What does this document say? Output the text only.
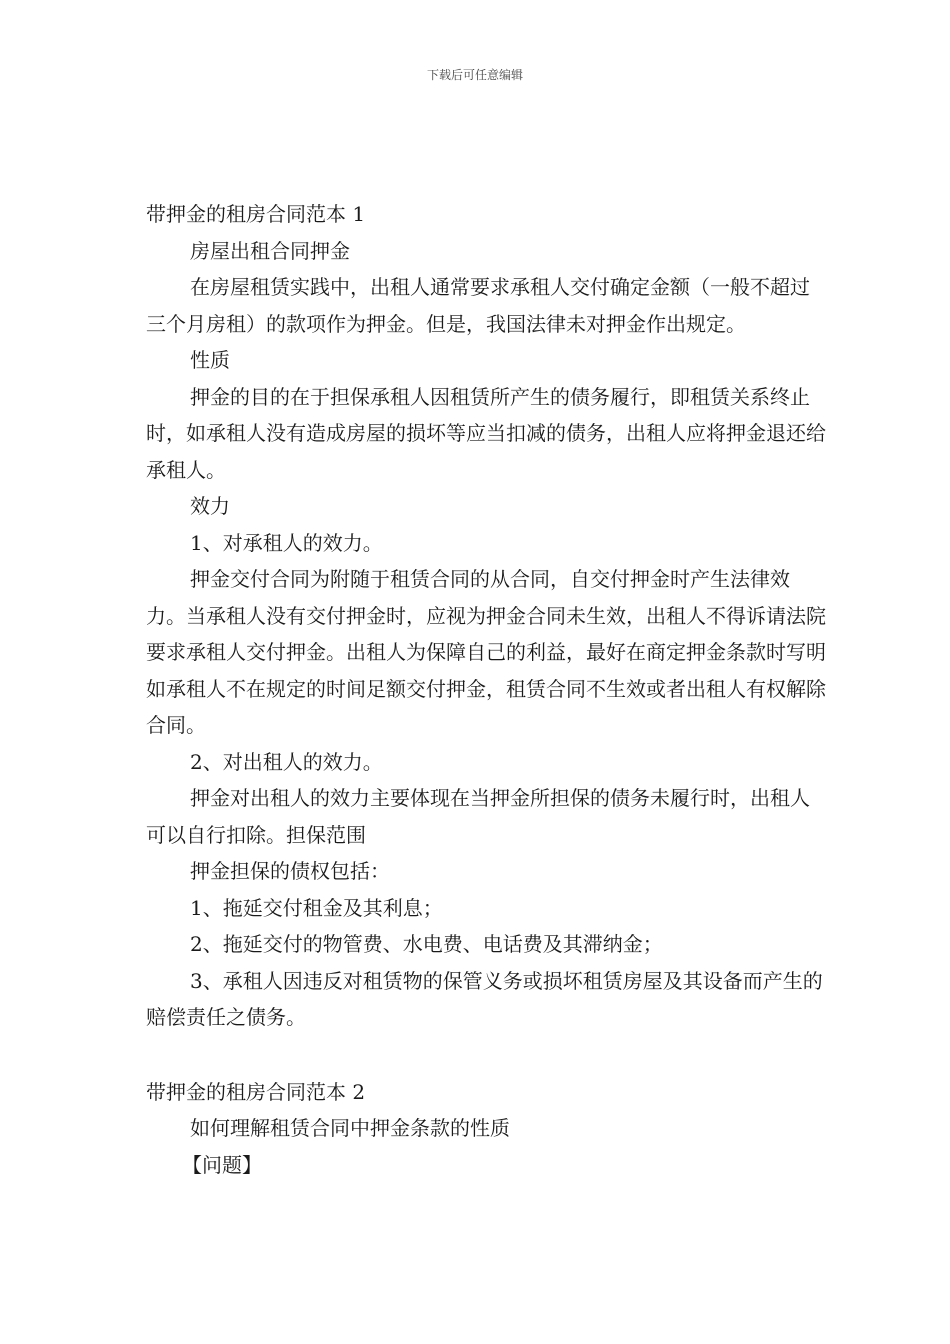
下载后可任意编辑

带押金的租房合同范本 1

房屋出租合同押金

在房屋租赁实践中，出租人通常要求承租人交付确定金额（一般不超过三个月房租）的款项作为押金。但是，我国法律未对押金作出规定。

性质

押金的目的在于担保承租人因租赁所产生的债务履行，即租赁关系终止时，如承租人没有造成房屋的损坏等应当扣减的债务，出租人应将押金退还给承租人。

效力

1、对承租人的效力。

押金交付合同为附随于租赁合同的从合同，自交付押金时产生法律效力。当承租人没有交付押金时，应视为押金合同未生效，出租人不得诉请法院要求承租人交付押金。出租人为保障自己的利益，最好在商定押金条款时写明如承租人不在规定的时间足额交付押金，租赁合同不生效或者出租人有权解除合同。

2、对出租人的效力。

押金对出租人的效力主要体现在当押金所担保的债务未履行时，出租人可以自行扣除。担保范围

押金担保的债权包括：

1、拖延交付租金及其利息；

2、拖延交付的物管费、水电费、电话费及其滞纳金；

3、承租人因违反对租赁物的保管义务或损坏租赁房屋及其设备而产生的赔偿责任之债务。

带押金的租房合同范本 2

如何理解租赁合同中押金条款的性质

【问题】
